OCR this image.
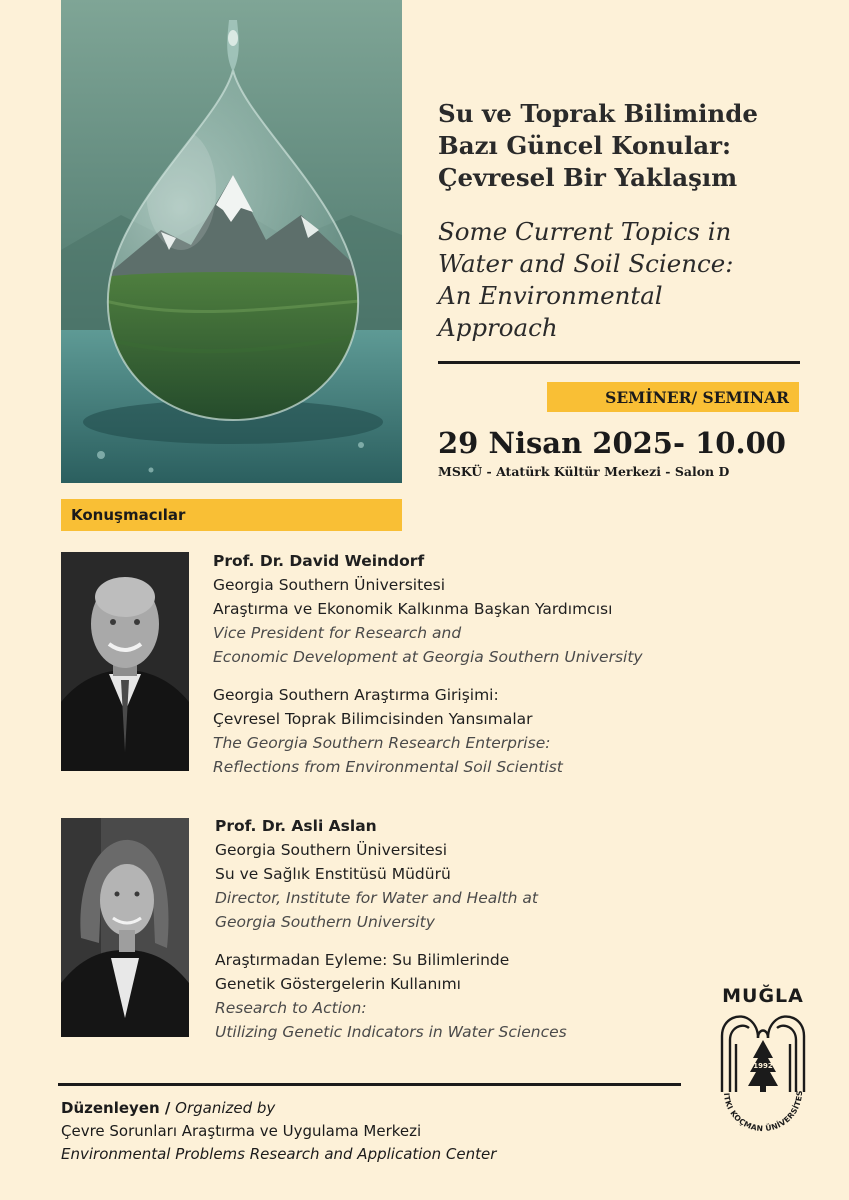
Su ve Toprak Biliminde
Bazı Güncel Konular:
Çevresel Bir Yaklaşım
Some Current Topics in
Water and Soil Science:
An Environmental
Approach
SEMİNER/ SEMINAR
29 Nisan 2025- 10.00
MSKÜ - Atatürk Kültür Merkezi - Salon D
Konuşmacılar
Prof. Dr. David Weindorf
Georgia Southern Üniversitesi
Araştırma ve Ekonomik Kalkınma Başkan Yardımcısı
Vice President for Research and
Economic Development at Georgia Southern University
Georgia Southern Araştırma Girişimi:
Çevresel Toprak Bilimcisinden Yansımalar
The Georgia Southern Research Enterprise:
Reflections from Environmental Soil Scientist
Prof. Dr. Asli Aslan
Georgia Southern Üniversitesi
Su ve Sağlık Enstitüsü Müdürü
Director, Institute for Water and Health at
Georgia Southern University
Araştırmadan Eyleme: Su Bilimlerinde
Genetik Göstergelerin Kullanımı
Research to Action:
Utilizing Genetic Indicators in Water Sciences
Düzenleyen / Organized by
Çevre Sorunları Araştırma ve Uygulama Merkezi
Environmental Problems Research and Application Center
MUĞLA
1992
ITKI KOÇMAN ÜNİVERSİTES
